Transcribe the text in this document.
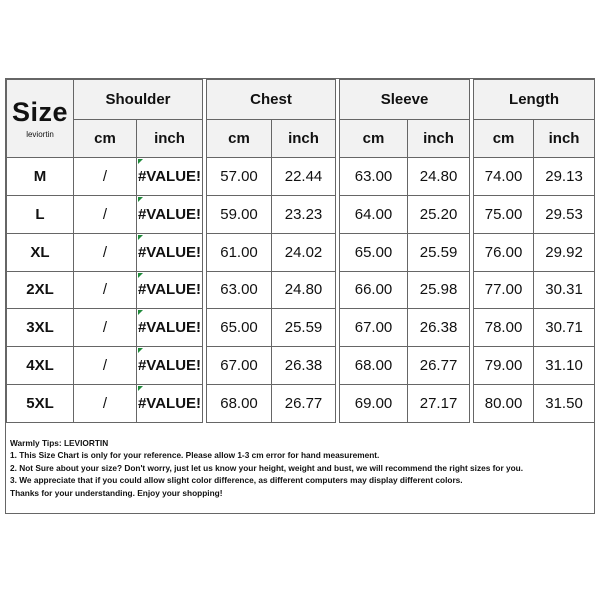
Size
leviortin	Shoulder			Chest			Sleeve			Length	
	cm	inch		cm	inch		cm	inch		cm	inch
M	/	#VALUE!		57.00	22.44		63.00	24.80		74.00	29.13
L	/	#VALUE!		59.00	23.23		64.00	25.20		75.00	29.53
XL	/	#VALUE!		61.00	24.02		65.00	25.59		76.00	29.92
2XL	/	#VALUE!		63.00	24.80		66.00	25.98		77.00	30.31
3XL	/	#VALUE!		65.00	25.59		67.00	26.38		78.00	30.71
4XL	/	#VALUE!		67.00	26.38		68.00	26.77		79.00	31.10
5XL	/	#VALUE!		68.00	26.77		69.00	27.17		80.00	31.50
Warmly Tips: LEVIORTIN
1. This Size Chart is only for your reference. Please allow 1-3 cm error for hand measurement.
2. Not Sure about your size? Don't worry, just let us know your height, weight and bust, we will recommend the right sizes for you.
3. We appreciate that if you could allow slight color difference, as different computers may display different colors.
Thanks for your understanding. Enjoy your shopping!
